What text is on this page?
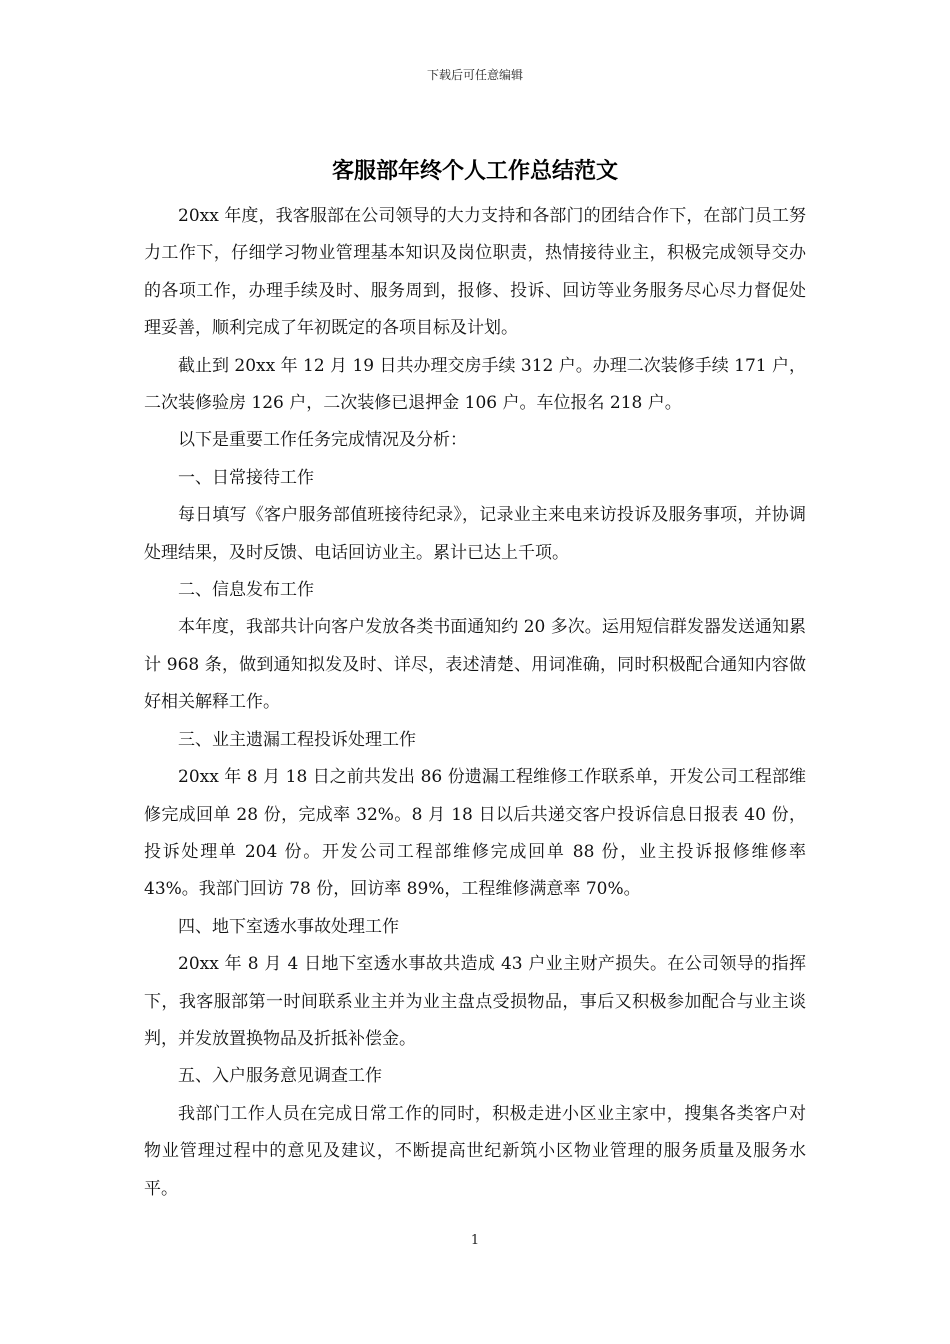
下载后可任意编辑
客服部年终个人工作总结范文

20xx 年度，我客服部在公司领导的大力支持和各部门的团结合作下，在部门员工努力工作下，仔细学习物业管理基本知识及岗位职责，热情接待业主，积极完成领导交办的各项工作，办理手续及时、服务周到，报修、投诉、回访等业务服务尽心尽力督促处理妥善，顺利完成了年初既定的各项目标及计划。

截止到 20xx 年 12 月 19 日共办理交房手续 312 户。办理二次装修手续 171 户，二次装修验房 126 户，二次装修已退押金 106 户。车位报名 218 户。

以下是重要工作任务完成情况及分析：

一、日常接待工作

每日填写《客户服务部值班接待纪录》，记录业主来电来访投诉及服务事项，并协调处理结果，及时反馈、电话回访业主。累计已达上千项。

二、信息发布工作

本年度，我部共计向客户发放各类书面通知约 20 多次。运用短信群发器发送通知累计 968 条，做到通知拟发及时、详尽，表述清楚、用词准确，同时积极配合通知内容做好相关解释工作。

三、业主遗漏工程投诉处理工作

20xx 年 8 月 18 日之前共发出 86 份遗漏工程维修工作联系单，开发公司工程部维修完成回单 28 份，完成率 32%。8 月 18 日以后共递交客户投诉信息日报表 40 份，投诉处理单 204 份。开发公司工程部维修完成回单 88 份，业主投诉报修维修率 43%。我部门回访 78 份，回访率 89%，工程维修满意率 70%。

四、地下室透水事故处理工作

20xx 年 8 月 4 日地下室透水事故共造成 43 户业主财产损失。在公司领导的指挥下，我客服部第一时间联系业主并为业主盘点受损物品，事后又积极参加配合与业主谈判，并发放置换物品及折抵补偿金。

五、入户服务意见调查工作

我部门工作人员在完成日常工作的同时，积极走进小区业主家中，搜集各类客户对物业管理过程中的意见及建议，不断提高世纪新筑小区物业管理的服务质量及服务水平。

1
